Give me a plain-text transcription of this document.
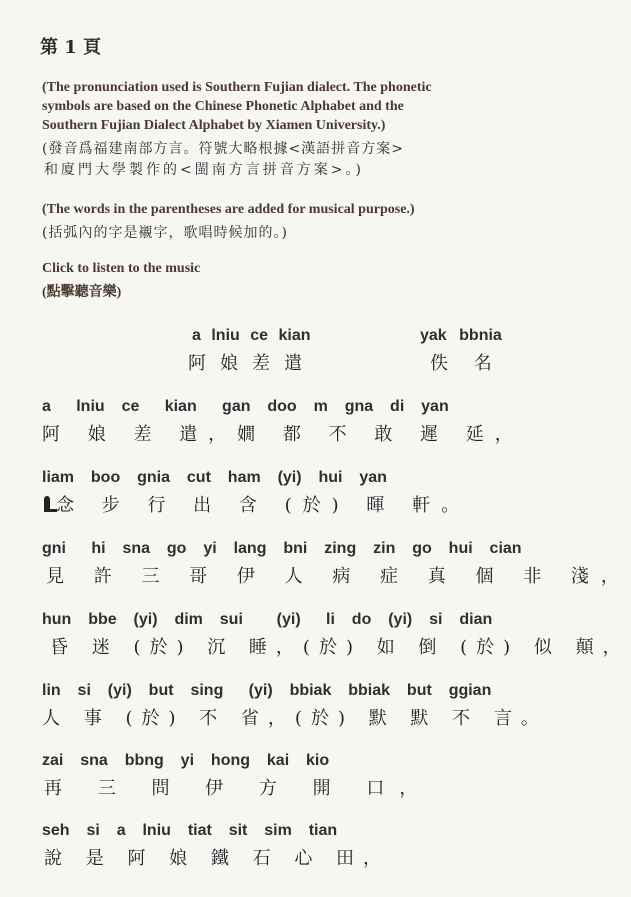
第 1 頁
(The pronunciation used is Southern Fujian dialect. The phonetic
symbols are based on the Chinese Phonetic Alphabet and the
Southern Fujian Dialect Alphabet by Xiamen University.)
(發音爲福建南部方言。符號大略根據<漢語拼音方案>
和廈門大學製作的<閩南方言拼音方案>。)
(The words in the parentheses are added for musical purpose.)
(括弧內的字是襯字，歌唱時候加的。)
Click to listen to the music
(點擊聽音樂)
a lniu ce kian
阿娘差遣
yak bbnia
佚 名
a   lniu  ce   kian   gan  doo  m  gna  di  yan
阿 娘 差 遣，嫺 都 不 敢 遲 延，
liam  boo  gnia  cut  ham  (yi)  hui  yan
念 步 行 出 含 (於) 暉 軒。
gni   hi  sna  go  yi  lang  bni  zing  zin  go  hui  cian
見 許 三 哥 伊 人 病 症 真 個 非 淺，
hun  bbe  (yi)  dim  sui    (yi)   li  do  (yi)  si  dian
昏 迷 (於) 沉 睡，(於) 如 倒 (於) 似 顛，
lin  si  (yi)  but  sing   (yi)  bbiak  bbiak  but  ggian
人 事 (於) 不 省，(於) 默 默 不 言。
zai  sna  bbng  yi  hong  kai  kio
再 三 問 伊 方 開 口，
seh  si  a  lniu  tiat  sit  sim  tian
說 是 阿 娘 鐵 石 心 田，
